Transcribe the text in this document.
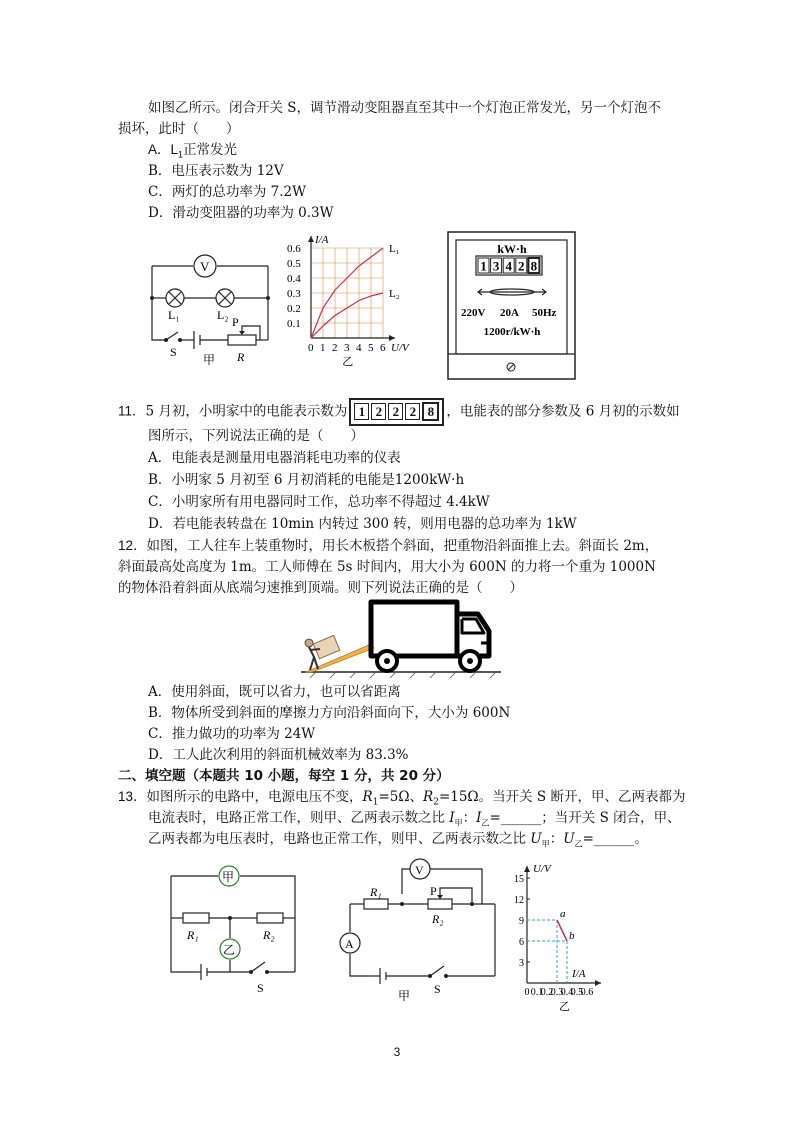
如图乙所示。闭合开关 S，调节滑动变阻器直至其中一个灯泡正常发光，另一个灯泡不
损坏，此时（　　）
A．$L_1$正常发光
B．电压表示数为 12V
C．两灯的总功率为 7.2W
D．滑动变阻器的功率为 0.3W
V
L₁	L₂ P
S	R
甲
0.6
0.5
0.4
0.3
0.2
0.1
0 1 2 3 4 5 6
I/A
U/V
L₁
L₂
乙
kW·h
1 3 4 2 8
220V 20A 50Hz
1200r/kW·h
11．5 月初，小明家中的电能表示数为 1 2 2 2 8 ，电能表的部分参数及 6 月初的示数如
图所示，下列说法正确的是（　　）
A．电能表是测量用电器消耗电功率的仪表
B．小明家 5 月初至 6 月初消耗的电能是1200kW·h
C．小明家所有用电器同时工作，总功率不得超过 4.4kW
D．若电能表转盘在 10min 内转过 300 转，则用电器的总功率为 1kW
12．如图，工人往车上装重物时，用长木板搭个斜面，把重物沿斜面推上去。斜面长 2m，
斜面最高处高度为 1m。工人师傅在 5s 时间内，用大小为 600N 的力将一个重为 1000N
的物体沿着斜面从底端匀速推到顶端。则下列说法正确的是（　　）
A．使用斜面，既可以省力，也可以省距离
B．物体所受到斜面的摩擦力方向沿斜面向下，大小为 600N
C．推力做功的功率为 24W
D．工人此次利用的斜面机械效率为 83.3%
二、填空题（本题共 10 小题，每空 1 分，共 20 分）
13．如图所示的电路中，电源电压不变，$R_1=5\Omega$、$R_2=15\Omega$。当开关 S 断开，甲、乙两表都为
电流表时，电路正常工作，则甲、乙两表示数之比 $I_甲$：$I_乙=\_\_\_\_\_\_$；当开关 S 闭合，甲、
乙两表都为电压表时，电路也正常工作，则甲、乙两表示数之比 $U_甲$：$U_乙=\_\_\_\_\_\_$。
甲
乙
R₁	R₂
S
V
A
R₁
R₂
P
S
甲
15
12
9
6
3
0 0.1
0.2
0.3
0.4
0.5
0.6
U/V
I/A
a
b
乙
3
